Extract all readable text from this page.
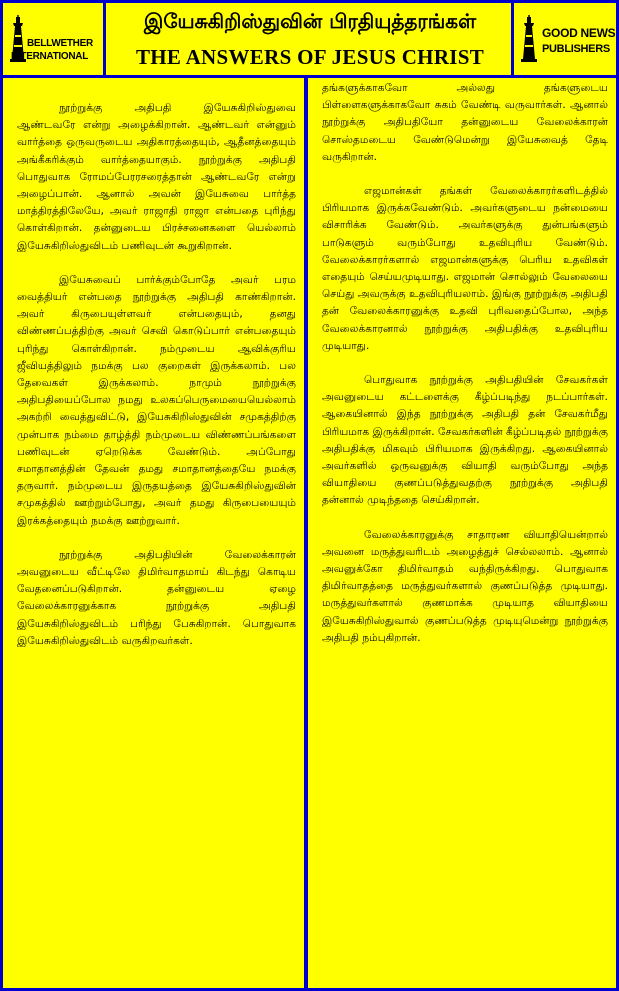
BELLWETHER
INTERNATIONAL
இயேசுகிறிஸ்துவின் பிரதியுத்தரங்கள்
THE ANSWERS OF JESUS CHRIST
GOOD NEWS
PUBLISHERS

நூற்றுக்கு அதிபதி இயேசுகிறிஸ்துவை ஆண்டவரே என்று அழைக்கிறான். ஆண்டவர் என்னும் வார்த்தை ஒருவருடைய அதிகாரத்தையும், ஆதீனத்தையும் அங்கீகரிக்கும் வார்த்தையாகும். நூற்றுக்கு அதிபதி பொதுவாக ரோமப்பேரரசரைத்தான் ஆண்டவரே என்று அழைப்பான். ஆனால் அவன் இயேசுவை பார்த்த மாத்திரத்திலேயே, அவர் ராஜாதி ராஜா என்பதை புரிந்து கொள்கிறான். தன்னுடைய பிரச்சனைகளை யெல்லாம் இயேசுகிறிஸ்துவிடம் பணிவுடன் கூறுகிறான்.

இயேசுவைப் பார்க்கும்போதே அவர் பரம வைத்தியர் என்பதை நூற்றுக்கு அதிபதி காண்கிறான். அவர் கிருபையுள்ளவர் என்பதையும், தனது விண்ணப்பத்திற்கு அவர் செவி கொடுப்பார் என்பதையும் புரிந்து கொள்கிறான். நம்முடைய ஆவிக்குரிய ஜீவியத்திலும் நமக்கு பல குறைகள் இருக்கலாம். பல தேவைகள் இருக்கலாம். நாமும் நூற்றுக்கு அதிபதியைப்போல நமது உலகப்பெருமையையெல்லாம் அகற்றி வைத்துவிட்டு, இயேசுகிறிஸ்துவின் சமுகத்திற்கு முன்பாக நம்மை தாழ்த்தி நம்முடைய விண்ணப்பங்களை பணிவுடன் ஏறெடுக்க வேண்டும். அப்போது சமாதானத்தின் தேவன் தமது சமாதானத்தையே நமக்கு தருவார். நம்முடைய இருதயத்தை இயேசுகிறிஸ்துவின் சமுகத்தில் ஊற்றும்போது, அவர் தமது கிருபையையும் இரக்கத்தையும் நமக்கு ஊற்றுவார்.

நூற்றுக்கு அதிபதியின் வேலைக்காரன் அவனுடைய வீட்டிலே திமிர்வாதமாய் கிடந்து கொடிய வேதனைப்படுகிறான். தன்னுடைய ஏழை வேலைக்காரனுக்காக நூற்றுக்கு அதிபதி இயேசுகிறிஸ்துவிடம் பரிந்து பேசுகிறான். பொதுவாக இயேசுகிறிஸ்துவிடம் வருகிறவர்கள்.

தங்களுக்காகவோ அல்லது தங்களுடைய பிள்ளைகளுக்காகவோ சுகம் வேண்டி வருவார்கள். ஆனால் நூற்றுக்கு அதிபதியோ தன்னுடைய வேலைக்காரன் சொஸ்தமடைய வேண்டுமென்று இயேசுவைத் தேடி வருகிறான்.

எஜமான்கள் தங்கள் வேலைக்காரர்களிடத்தில் பிரியமாக இருக்கவேண்டும். அவர்களுடைய நன்மையை விசாரிக்க வேண்டும். அவர்களுக்கு துன்பங்களும் பாடுகளும் வரும்போது உதவிபுரிய வேண்டும். வேலைக்காரர்களால் எஜமான்களுக்கு பெரிய உதவிகள் எதையும் செய்யமுடியாது. எஜமான் சொல்லும் வேலையை செய்து அவருக்கு உதவிபுரியலாம். இங்கு நூற்றுக்கு அதிபதி தன் வேலைக்காரனுக்கு உதவி புரிவதைப்போல, அந்த வேலைக்காரனால் நூற்றுக்கு அதிபதிக்கு உதவிபுரிய முடியாது.

பொதுவாக நூற்றுக்கு அதிபதியின் சேவகர்கள் அவனுடைய கட்டளைக்கு கீழ்ப்படிந்து நடப்பார்கள். ஆகையினால் இந்த நூற்றுக்கு அதிபதி தன் சேவகர்மீது பிரியமாக இருக்கிறான். சேவகர்களின் கீழ்ப்படிதல் நூற்றுக்கு அதிபதிக்கு மிகவும் பிரியமாக இருக்கிறது. ஆகையினால் அவர்களில் ஒருவனுக்கு வியாதி வரும்போது அந்த வியாதியை குணப்படுத்துவதற்கு நூற்றுக்கு அதிபதி தன்னால் முடிந்ததை செய்கிறான்.

வேலைக்காரனுக்கு சாதாரண வியாதியென்றால் அவனை மருத்துவரிடம் அழைத்துச் செல்லலாம். ஆனால் அவனுக்கோ திமிர்வாதம் வந்திருக்கிறது. பொதுவாக திமிர்வாதத்தை மருத்துவர்களால் குணப்படுத்த முடியாது. மருத்துவர்களால் குணமாக்க முடியாத வியாதியை இயேசுகிறிஸ்துவால் குணப்படுத்த முடியுமென்று நூற்றுக்கு அதிபதி நம்புகிறான்.
